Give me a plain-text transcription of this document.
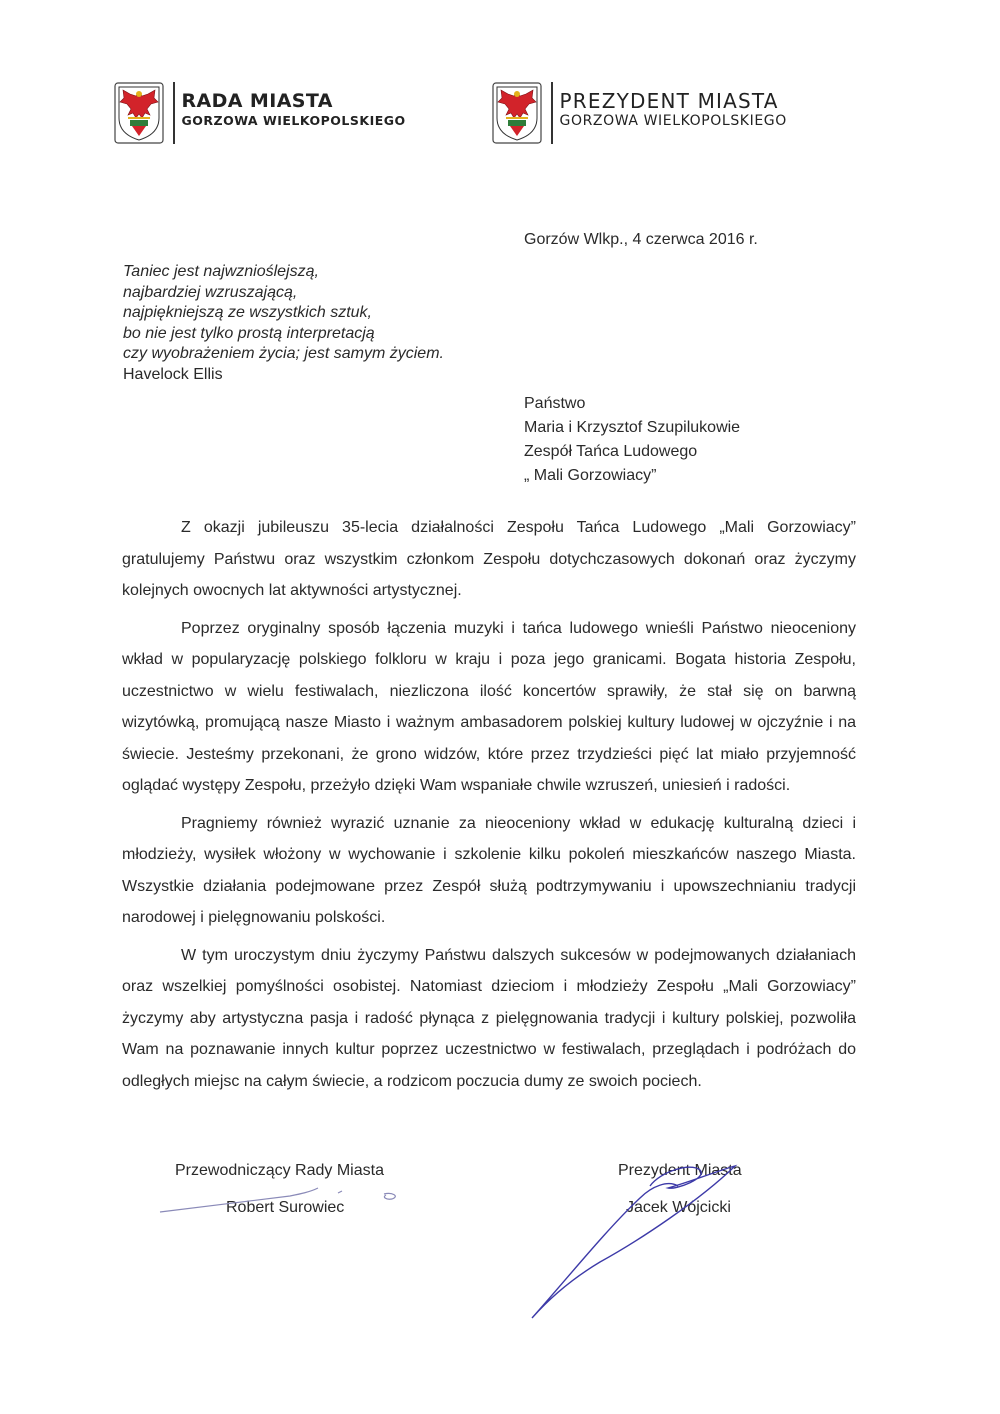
RADA MIASTA
GORZOWA WIELKOPOLSKIEGO
PREZYDENT MIASTA
GORZOWA WIELKOPOLSKIEGO
Gorzów Wlkp., 4 czerwca 2016 r.
Taniec jest najwznioślejszą,
najbardziej wzruszającą,
najpiękniejszą ze wszystkich sztuk,
bo nie jest tylko prostą interpretacją
czy wyobrażeniem życia; jest samym życiem.
Havelock Ellis
Państwo
Maria i Krzysztof Szupilukowie
Zespół Tańca Ludowego
„ Mali Gorzowiacy”

Z okazji jubileuszu 35-lecia działalności Zespołu Tańca Ludowego „Mali Gorzowiacy” gratulujemy Państwu oraz wszystkim członkom Zespołu dotychczasowych dokonań oraz życzymy kolejnych owocnych lat aktywności artystycznej.

Poprzez oryginalny sposób łączenia muzyki i tańca ludowego wnieśli Państwo nieoceniony wkład w popularyzację polskiego folkloru w kraju i poza jego granicami. Bogata historia Zespołu, uczestnictwo w wielu festiwalach, niezliczona ilość koncertów sprawiły, że stał się on barwną wizytówką, promującą nasze Miasto i ważnym ambasadorem polskiej kultury ludowej w ojczyźnie i na świecie. Jesteśmy przekonani, że grono widzów, które przez trzydzieści pięć lat miało przyjemność oglądać występy Zespołu, przeżyło dzięki Wam wspaniałe chwile wzruszeń, uniesień i radości.

Pragniemy również wyrazić uznanie za nieoceniony wkład w edukację kulturalną dzieci i młodzieży, wysiłek włożony w wychowanie i szkolenie kilku pokoleń mieszkańców naszego Miasta. Wszystkie działania podejmowane przez Zespół służą podtrzymywaniu i upowszechnianiu tradycji narodowej i pielęgnowaniu polskości.

W tym uroczystym dniu życzymy Państwu dalszych sukcesów w podejmowanych działaniach oraz wszelkiej pomyślności osobistej. Natomiast dzieciom i młodzieży Zespołu „Mali Gorzowiacy” życzymy aby artystyczna pasja i radość płynąca z pielęgnowania tradycji i kultury polskiej, pozwoliła Wam na poznawanie innych kultur poprzez uczestnictwo w festiwalach, przeglądach i podróżach do odległych miejsc na całym świecie, a rodzicom poczucia dumy ze swoich pociech.

Przewodniczący Rady Miasta
Robert Surowiec
Prezydent Miasta
Jacek Wójcicki
